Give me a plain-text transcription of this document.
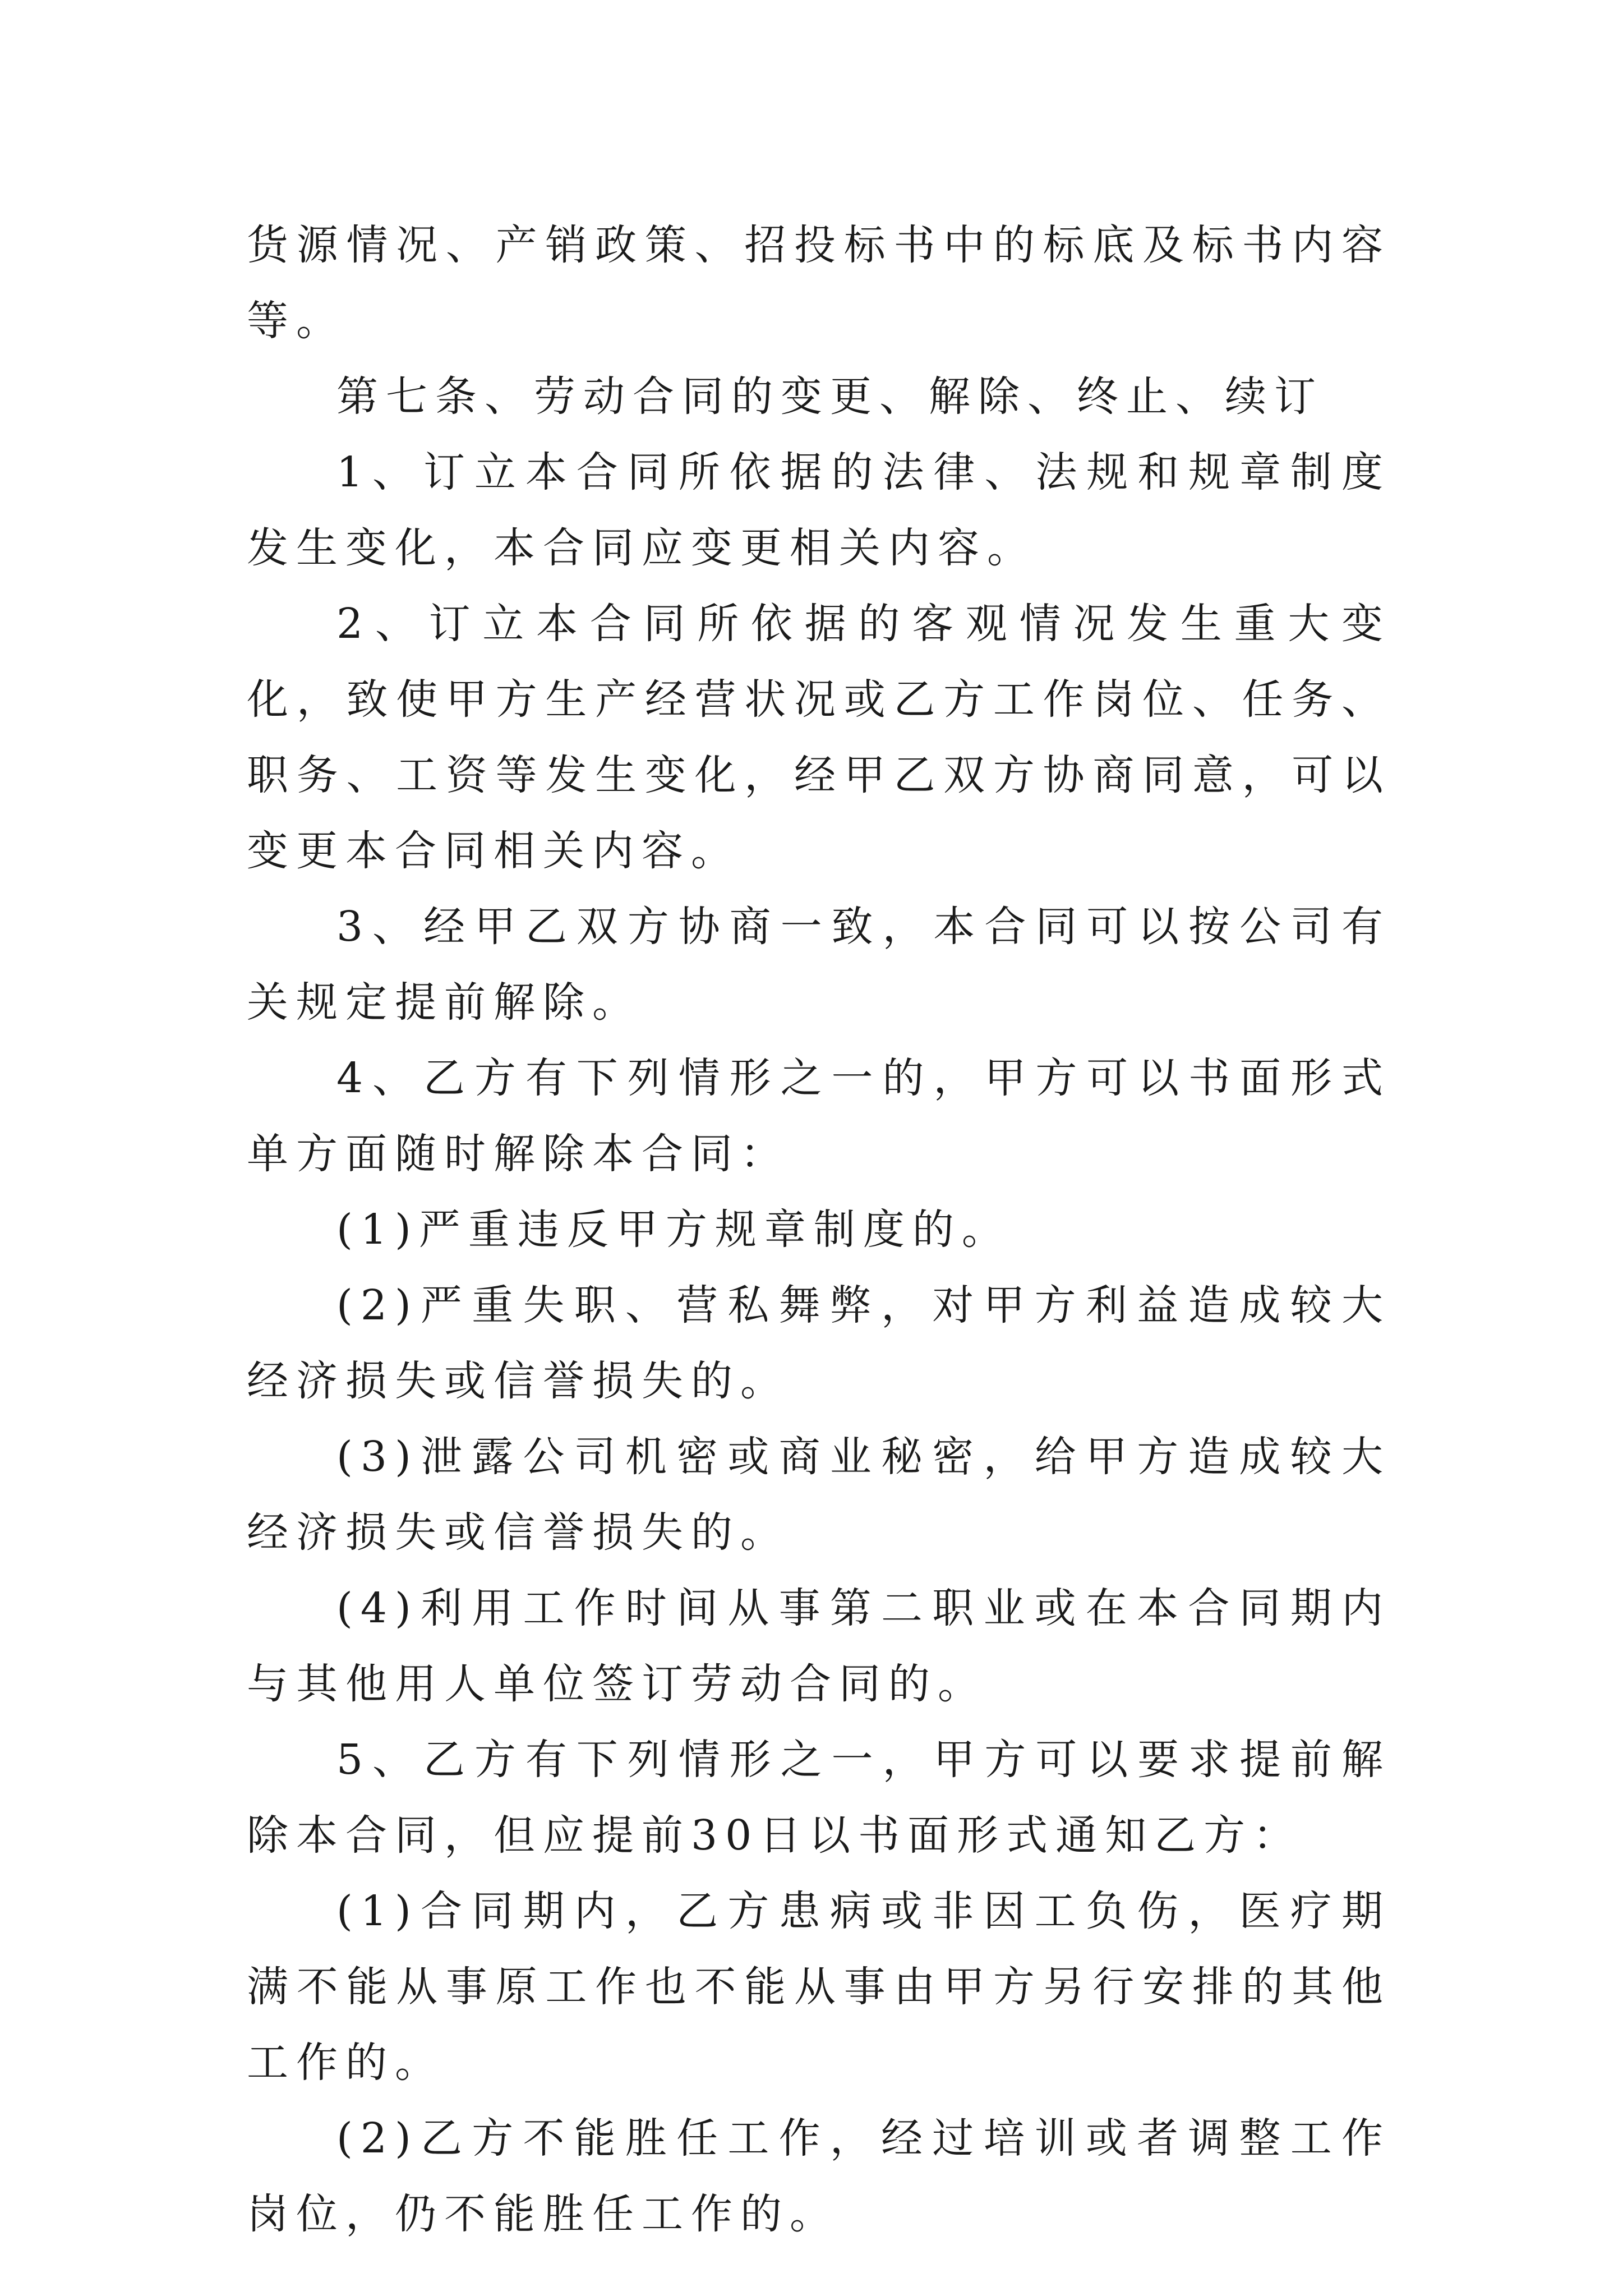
货源情况、产销政策、招投标书中的标底及标书内容等。

第七条、劳动合同的变更、解除、终止、续订

1、订立本合同所依据的法律、法规和规章制度发生变化，本合同应变更相关内容。

2、订立本合同所依据的客观情况发生重大变化，致使甲方生产经营状况或乙方工作岗位、任务、职务、工资等发生变化，经甲乙双方协商同意，可以变更本合同相关内容。

3、经甲乙双方协商一致，本合同可以按公司有关规定提前解除。

4、乙方有下列情形之一的，甲方可以书面形式单方面随时解除本合同：

(1)严重违反甲方规章制度的。

(2)严重失职、营私舞弊，对甲方利益造成较大经济损失或信誉损失的。

(3)泄露公司机密或商业秘密，给甲方造成较大经济损失或信誉损失的。

(4)利用工作时间从事第二职业或在本合同期内与其他用人单位签订劳动合同的。

5、乙方有下列情形之一，甲方可以要求提前解除本合同，但应提前30日以书面形式通知乙方：

(1)合同期内，乙方患病或非因工负伤，医疗期满不能从事原工作也不能从事由甲方另行安排的其他工作的。

(2)乙方不能胜任工作，经过培训或者调整工作岗位，仍不能胜任工作的。
